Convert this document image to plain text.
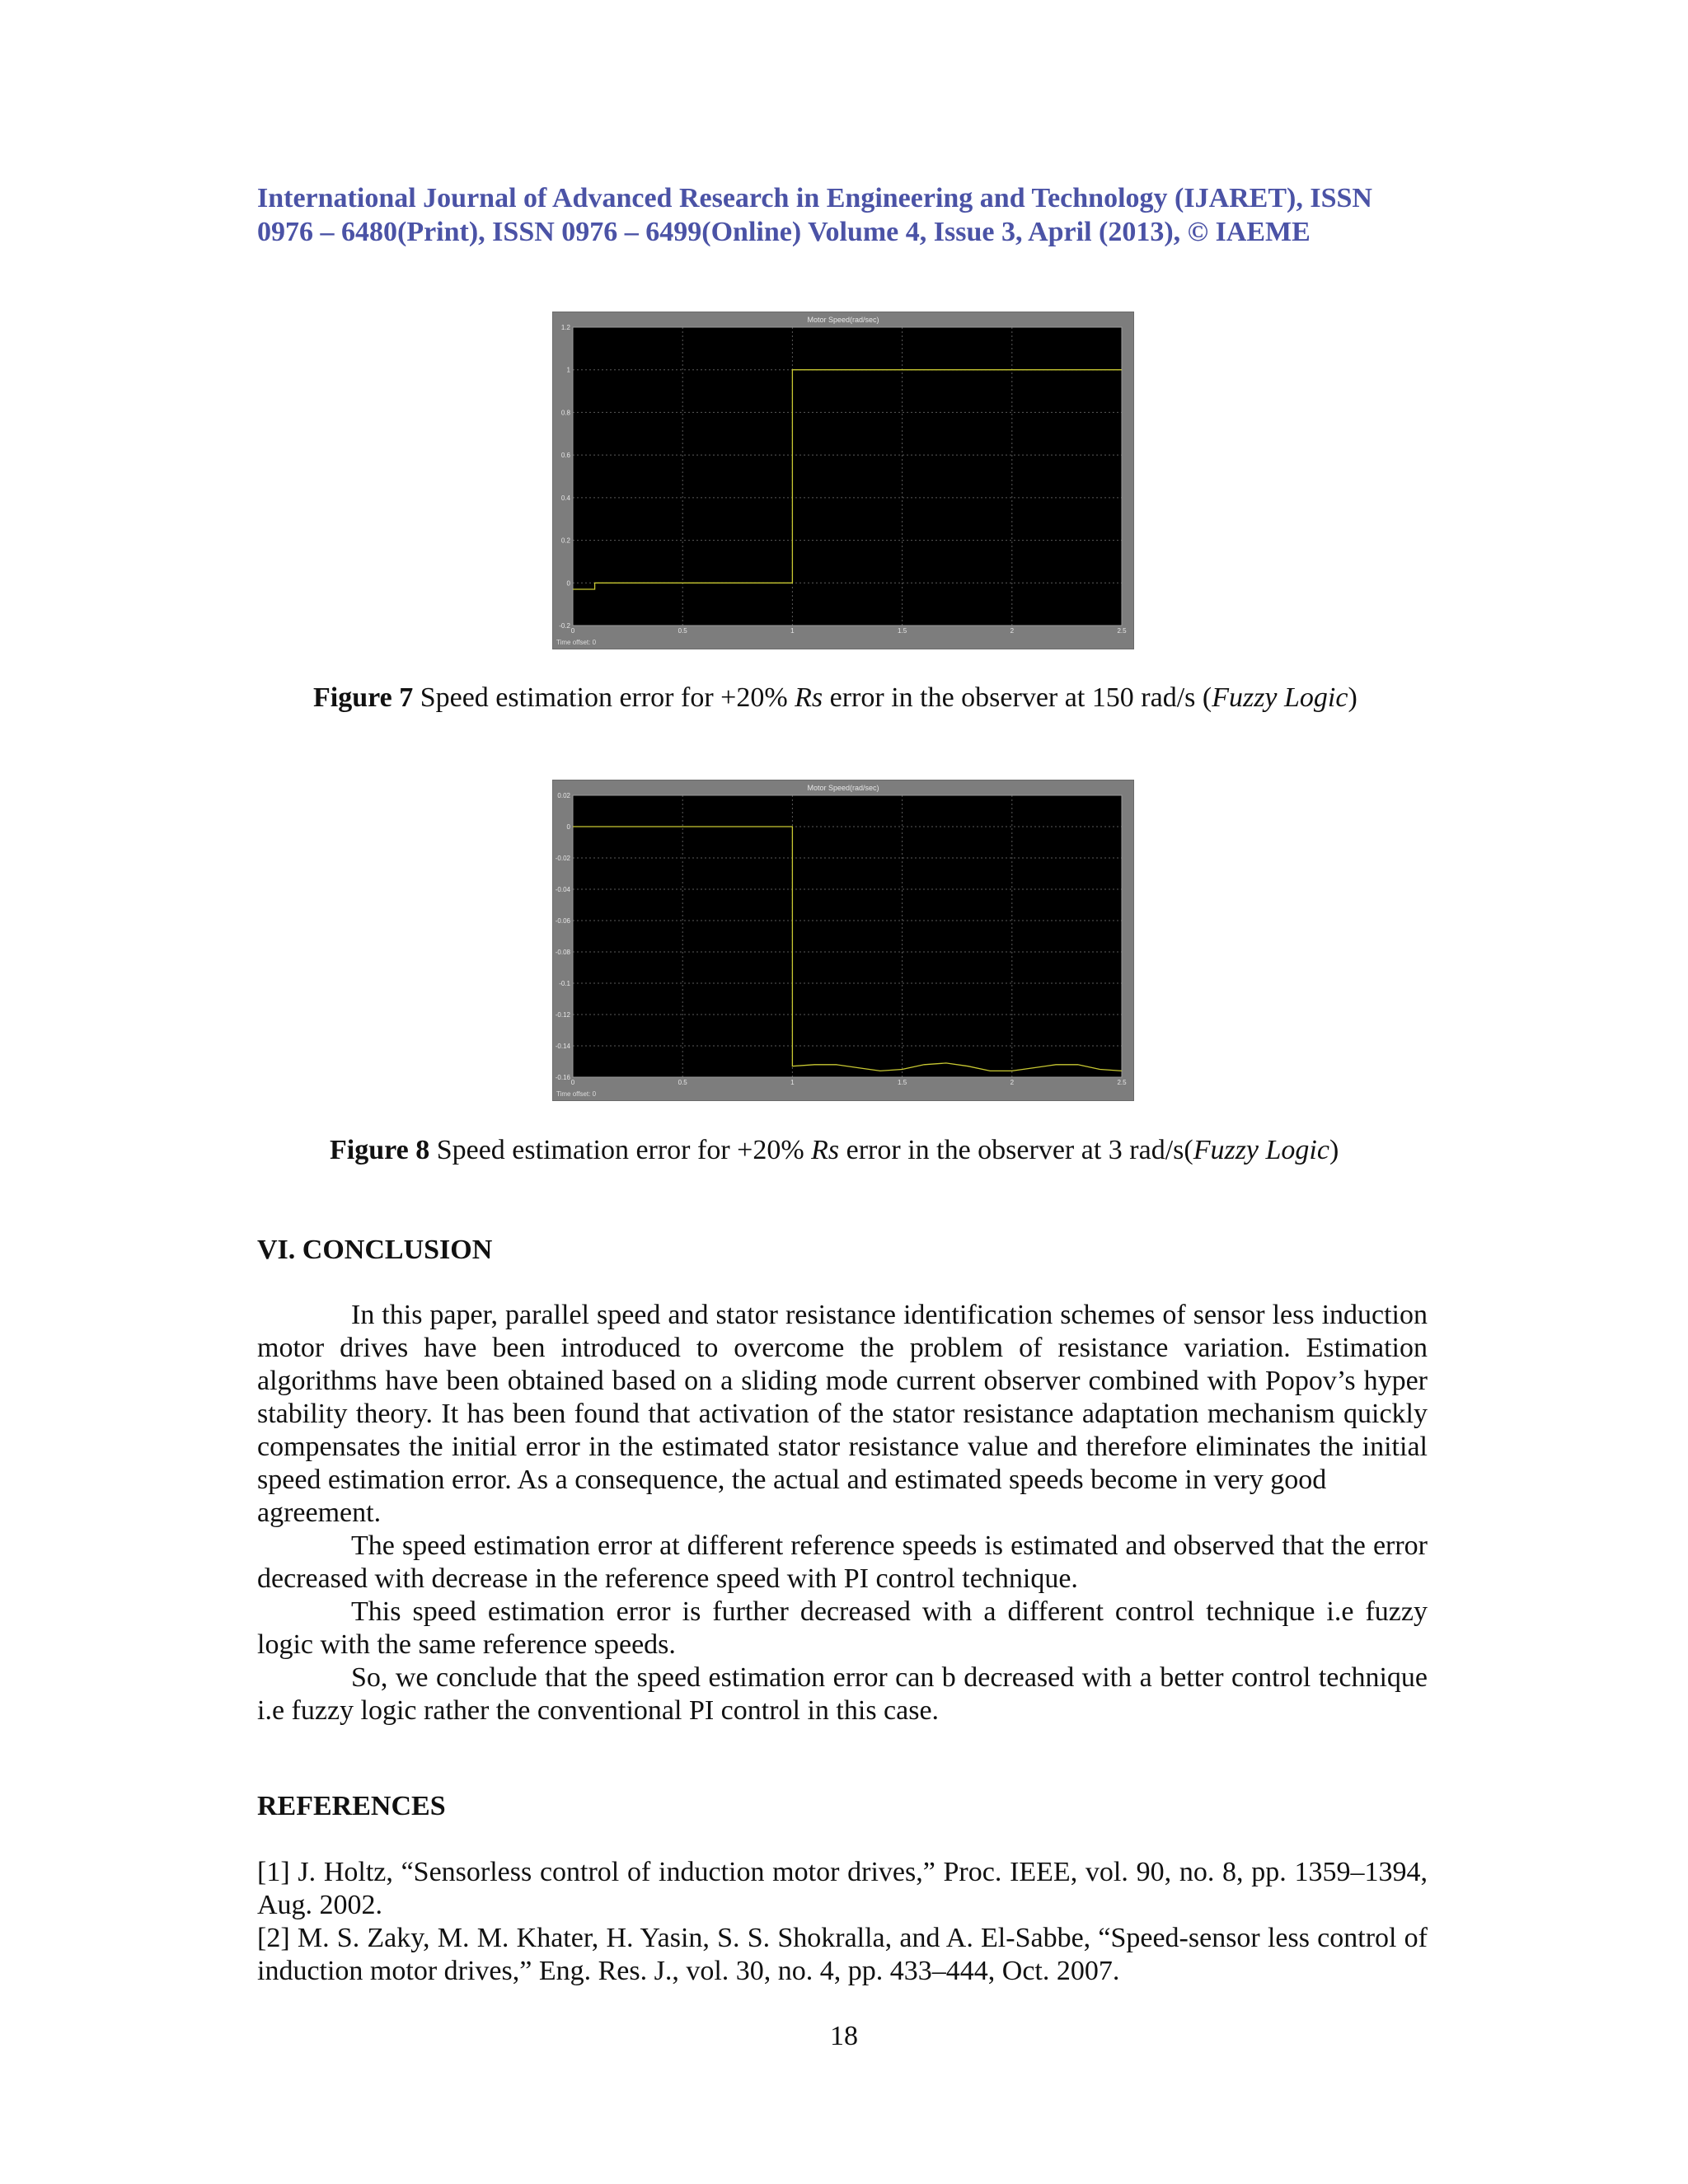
International Journal of Advanced Research in Engineering and Technology (IJARET), ISSN
0976 – 6480(Print), ISSN 0976 – 6499(Online) Volume 4, Issue 3, April (2013), © IAEME
Motor Speed(rad/sec)
0	0.5	1	1.5	2	2.5
1.2
1
0.8
0.6
0.4
0.2
0
-0.2
Time offset: 0
Figure 7 Speed estimation error for +20% Rs error in the observer at 150 rad/s (Fuzzy Logic)
Motor Speed(rad/sec)
0	0.5	1	1.5	2	2.5
0.02
0
-0.02
-0.04
-0.06
-0.08
-0.1
-0.12
-0.14
-0.16
Time offset: 0
Figure 8 Speed estimation error for +20% Rs error in the observer at 3 rad/s(Fuzzy Logic)
VI. CONCLUSION

In this paper, parallel speed and stator resistance identification schemes of sensor less induction motor drives have been introduced to overcome the problem of resistance variation. Estimation algorithms have been obtained based on a sliding mode current observer combined with Popov’s hyper stability theory. It has been found that activation of the stator resistance adaptation mechanism quickly compensates the initial error in the estimated stator resistance value and therefore eliminates the initial speed estimation error. As a consequence, the actual and estimated speeds become in very good

agreement.

The speed estimation error at different reference speeds is estimated and observed that the error decreased with decrease in the reference speed with PI control technique.

This speed estimation error is further decreased with a different control technique i.e fuzzy logic with the same reference speeds.

So, we conclude that the speed estimation error can b decreased with a better control technique i.e fuzzy logic rather the conventional PI control in this case.

REFERENCES

[1] J. Holtz, “Sensorless control of induction motor drives,” Proc. IEEE, vol. 90, no. 8, pp. 1359–1394, Aug. 2002.

[2] M. S. Zaky, M. M. Khater, H. Yasin, S. S. Shokralla, and A. El-Sabbe, “Speed-sensor less control of induction motor drives,” Eng. Res. J., vol. 30, no. 4, pp. 433–444, Oct. 2007.

18
